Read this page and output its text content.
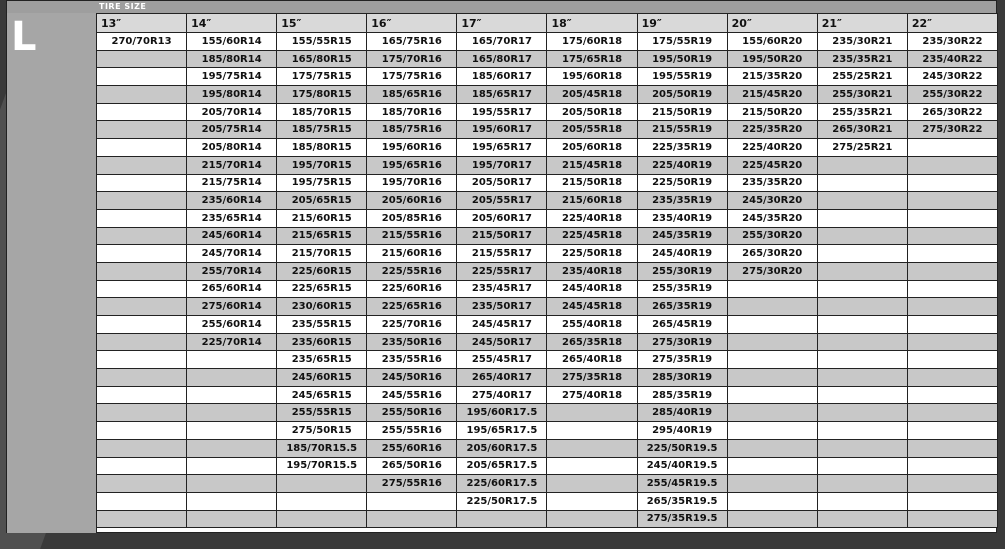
TIRE SIZE
L	13″	14″	15″	16″	17″	18″	19″	20″	21″	22″
270/70R13	155/60R14	155/55R15	165/75R16	165/70R17	175/60R18	175/55R19	155/60R20	235/30R21	235/30R22
	185/80R14	165/80R15	175/70R16	165/80R17	175/65R18	195/50R19	195/50R20	235/35R21	235/40R22
	195/75R14	175/75R15	175/75R16	185/60R17	195/60R18	195/55R19	215/35R20	255/25R21	245/30R22
	195/80R14	175/80R15	185/65R16	185/65R17	205/45R18	205/50R19	215/45R20	255/30R21	255/30R22
	205/70R14	185/70R15	185/70R16	195/55R17	205/50R18	215/50R19	215/50R20	255/35R21	265/30R22
	205/75R14	185/75R15	185/75R16	195/60R17	205/55R18	215/55R19	225/35R20	265/30R21	275/30R22
	205/80R14	185/80R15	195/60R16	195/65R17	205/60R18	225/35R19	225/40R20	275/25R21	
	215/70R14	195/70R15	195/65R16	195/70R17	215/45R18	225/40R19	225/45R20		
	215/75R14	195/75R15	195/70R16	205/50R17	215/50R18	225/50R19	235/35R20		
	235/60R14	205/65R15	205/60R16	205/55R17	215/60R18	235/35R19	245/30R20		
	235/65R14	215/60R15	205/85R16	205/60R17	225/40R18	235/40R19	245/35R20		
	245/60R14	215/65R15	215/55R16	215/50R17	225/45R18	245/35R19	255/30R20		
	245/70R14	215/70R15	215/60R16	215/55R17	225/50R18	245/40R19	265/30R20		
	255/70R14	225/60R15	225/55R16	225/55R17	235/40R18	255/30R19	275/30R20		
	265/60R14	225/65R15	225/60R16	235/45R17	245/40R18	255/35R19			
	275/60R14	230/60R15	225/65R16	235/50R17	245/45R18	265/35R19			
	255/60R14	235/55R15	225/70R16	245/45R17	255/40R18	265/45R19			
	225/70R14	235/60R15	235/50R16	245/50R17	265/35R18	275/30R19			
		235/65R15	235/55R16	255/45R17	265/40R18	275/35R19			
		245/60R15	245/50R16	265/40R17	275/35R18	285/30R19			
		245/65R15	245/55R16	275/40R17	275/40R18	285/35R19			
		255/55R15	255/50R16	195/60R17.5		285/40R19			
		275/50R15	255/55R16	195/65R17.5		295/40R19			
		185/70R15.5	255/60R16	205/60R17.5		225/50R19.5			
		195/70R15.5	265/50R16	205/65R17.5		245/40R19.5			
			275/55R16	225/60R17.5		255/45R19.5			
				225/50R17.5		265/35R19.5			
						275/35R19.5			
